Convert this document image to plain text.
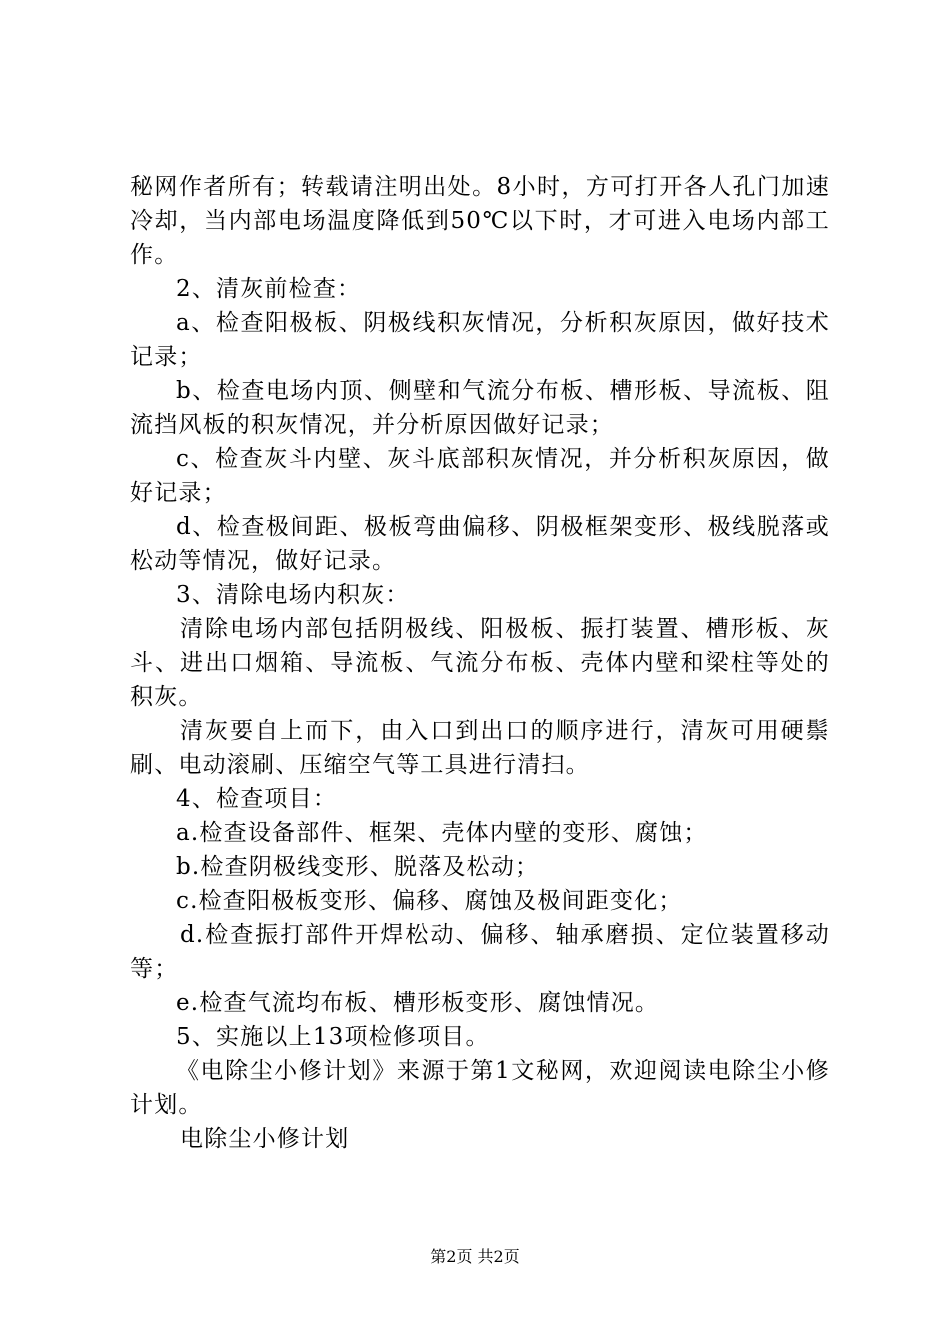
秘网作者所有；转载请注明出处。8小时，方可打开各人孔门加速冷却，当内部电场温度降低到50℃以下时，才可进入电场内部工作。

2、清灰前检查：

a、检查阳极板、阴极线积灰情况，分析积灰原因，做好技术记录；

b、检查电场内顶、侧壁和气流分布板、槽形板、导流板、阻流挡风板的积灰情况，并分析原因做好记录；

c、检查灰斗内壁、灰斗底部积灰情况，并分析积灰原因，做好记录；

d、检查极间距、极板弯曲偏移、阴极框架变形、极线脱落或松动等情况，做好记录。

3、清除电场内积灰：

清除电场内部包括阴极线、阳极板、振打装置、槽形板、灰斗、进出口烟箱、导流板、气流分布板、壳体内壁和梁柱等处的积灰。

清灰要自上而下，由入口到出口的顺序进行，清灰可用硬鬃刷、电动滚刷、压缩空气等工具进行清扫。

4、检查项目：

a.检查设备部件、框架、壳体内壁的变形、腐蚀；

b.检查阴极线变形、脱落及松动；

c.检查阳极板变形、偏移、腐蚀及极间距变化；

d.检查振打部件开焊松动、偏移、轴承磨损、定位装置移动等；

e.检查气流均布板、槽形板变形、腐蚀情况。

5、实施以上13项检修项目。

《电除尘小修计划》来源于第1文秘网，欢迎阅读电除尘小修计划。

电除尘小修计划

第2页 共2页
